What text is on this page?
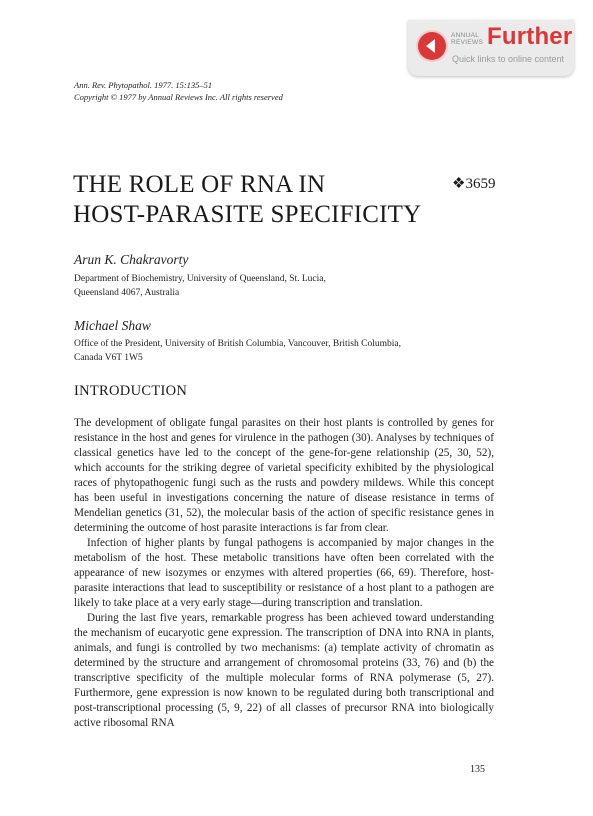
ANNUAL
REVIEWS Further
Quick links to online content
Ann. Rev. Phytopathol. 1977. 15:135–51
Copyright © 1977 by Annual Reviews Inc. All rights reserved
THE ROLE OF RNA IN
HOST-PARASITE SPECIFICITY
❖3659
Arun K. Chakravorty
Department of Biochemistry, University of Queensland, St. Lucia,
Queensland 4067, Australia
Michael Shaw
Office of the President, University of British Columbia, Vancouver, British Columbia,
Canada V6T 1W5
INTRODUCTION

The development of obligate fungal parasites on their host plants is controlled by genes for resistance in the host and genes for virulence in the pathogen (30). Analyses by techniques of classical genetics have led to the concept of the gene-for-gene relationship (25, 30, 52), which accounts for the striking degree of varietal specificity exhibited by the physiological races of phytopathogenic fungi such as the rusts and powdery mildews. While this concept has been useful in investigations concerning the nature of disease resistance in terms of Mendelian genetics (31, 52), the molecular basis of the action of specific resistance genes in determining the outcome of host parasite interactions is far from clear.

Infection of higher plants by fungal pathogens is accompanied by major changes in the metabolism of the host. These metabolic transitions have often been correlated with the appearance of new isozymes or enzymes with altered properties (66, 69). Therefore, host-parasite interactions that lead to susceptibility or resistance of a host plant to a pathogen are likely to take place at a very early stage—during transcription and translation.

During the last five years, remarkable progress has been achieved toward understanding the mechanism of eucaryotic gene expression. The transcription of DNA into RNA in plants, animals, and fungi is controlled by two mechanisms: (a) template activity of chromatin as determined by the structure and arrangement of chromosomal proteins (33, 76) and (b) the transcriptive specificity of the multiple molecular forms of RNA polymerase (5, 27). Furthermore, gene expression is now known to be regulated during both transcriptional and post-transcriptional processing (5, 9, 22) of all classes of precursor RNA into biologically active ribosomal RNA

135
